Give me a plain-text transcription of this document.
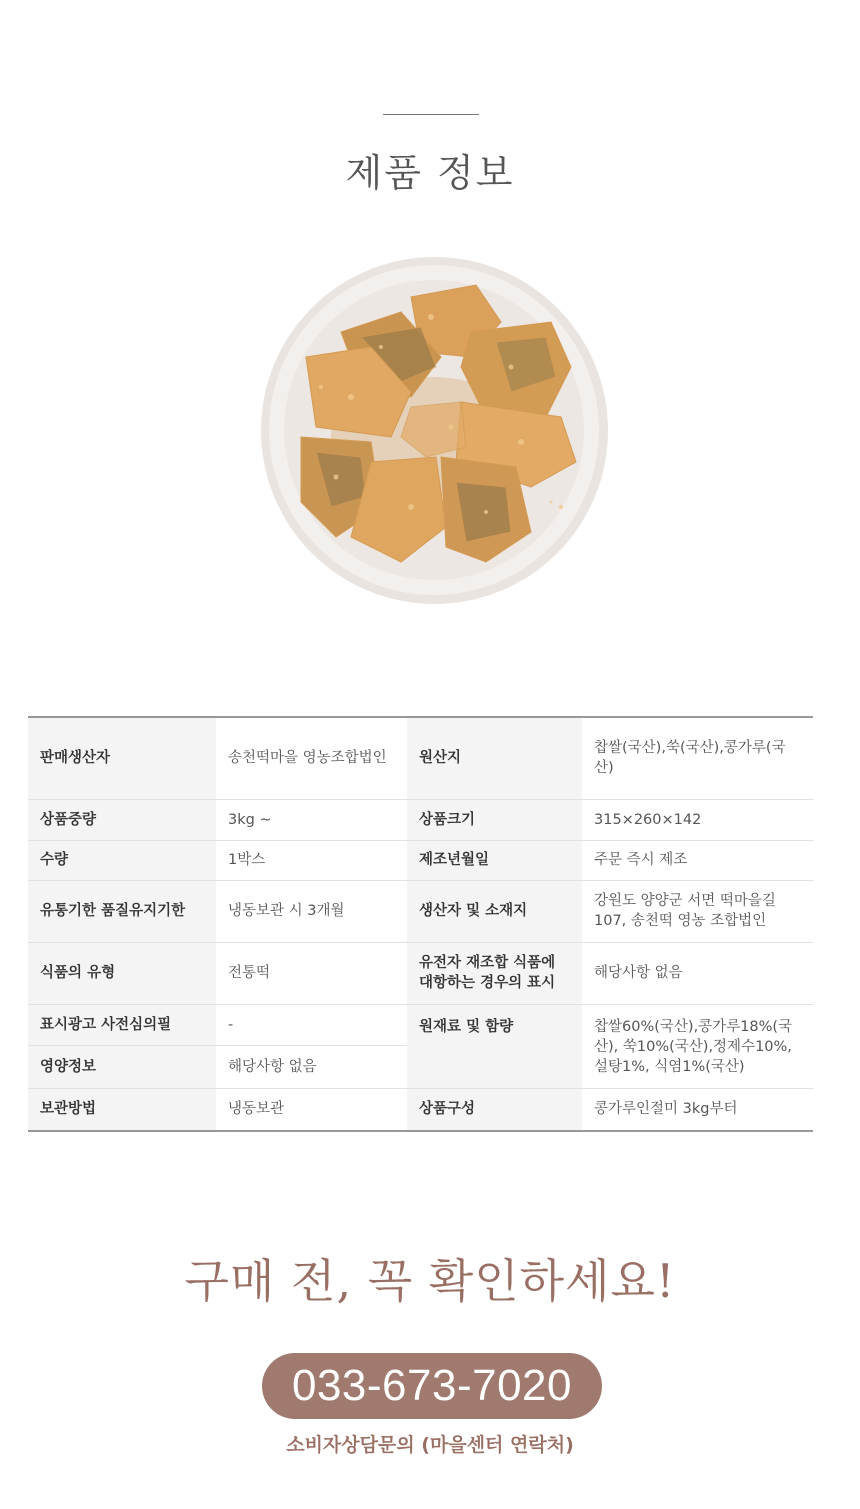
제품 정보
판매생산자	송천떡마을 영농조합법인	원산지	찹쌀(국산),쑥(국산),콩가루(국산)
상품중량	3kg ~	상품크기	315×260×142
수량	1박스	제조년월일	주문 즉시 제조
유통기한 품질유지기한	냉동보관 시 3개월	생산자 및 소재지	강원도 양양군 서면 떡마을길 107, 송천떡 영농 조합법인
식품의 유형	전통떡	유전자 재조합 식품에 대항하는 경우의 표시	해당사항 없음
표시광고 사전심의필	-	원재료 및 함량	찹쌀60%(국산),콩가루18%(국산), 쑥10%(국산),정제수10%,설탕1%, 식염1%(국산)
영양정보	해당사항 없음		
보관방법	냉동보관	상품구성	콩가루인절미 3kg부터
구매 전, 꼭 확인하세요!
033-673-7020
소비자상담문의 (마을센터 연락처)
